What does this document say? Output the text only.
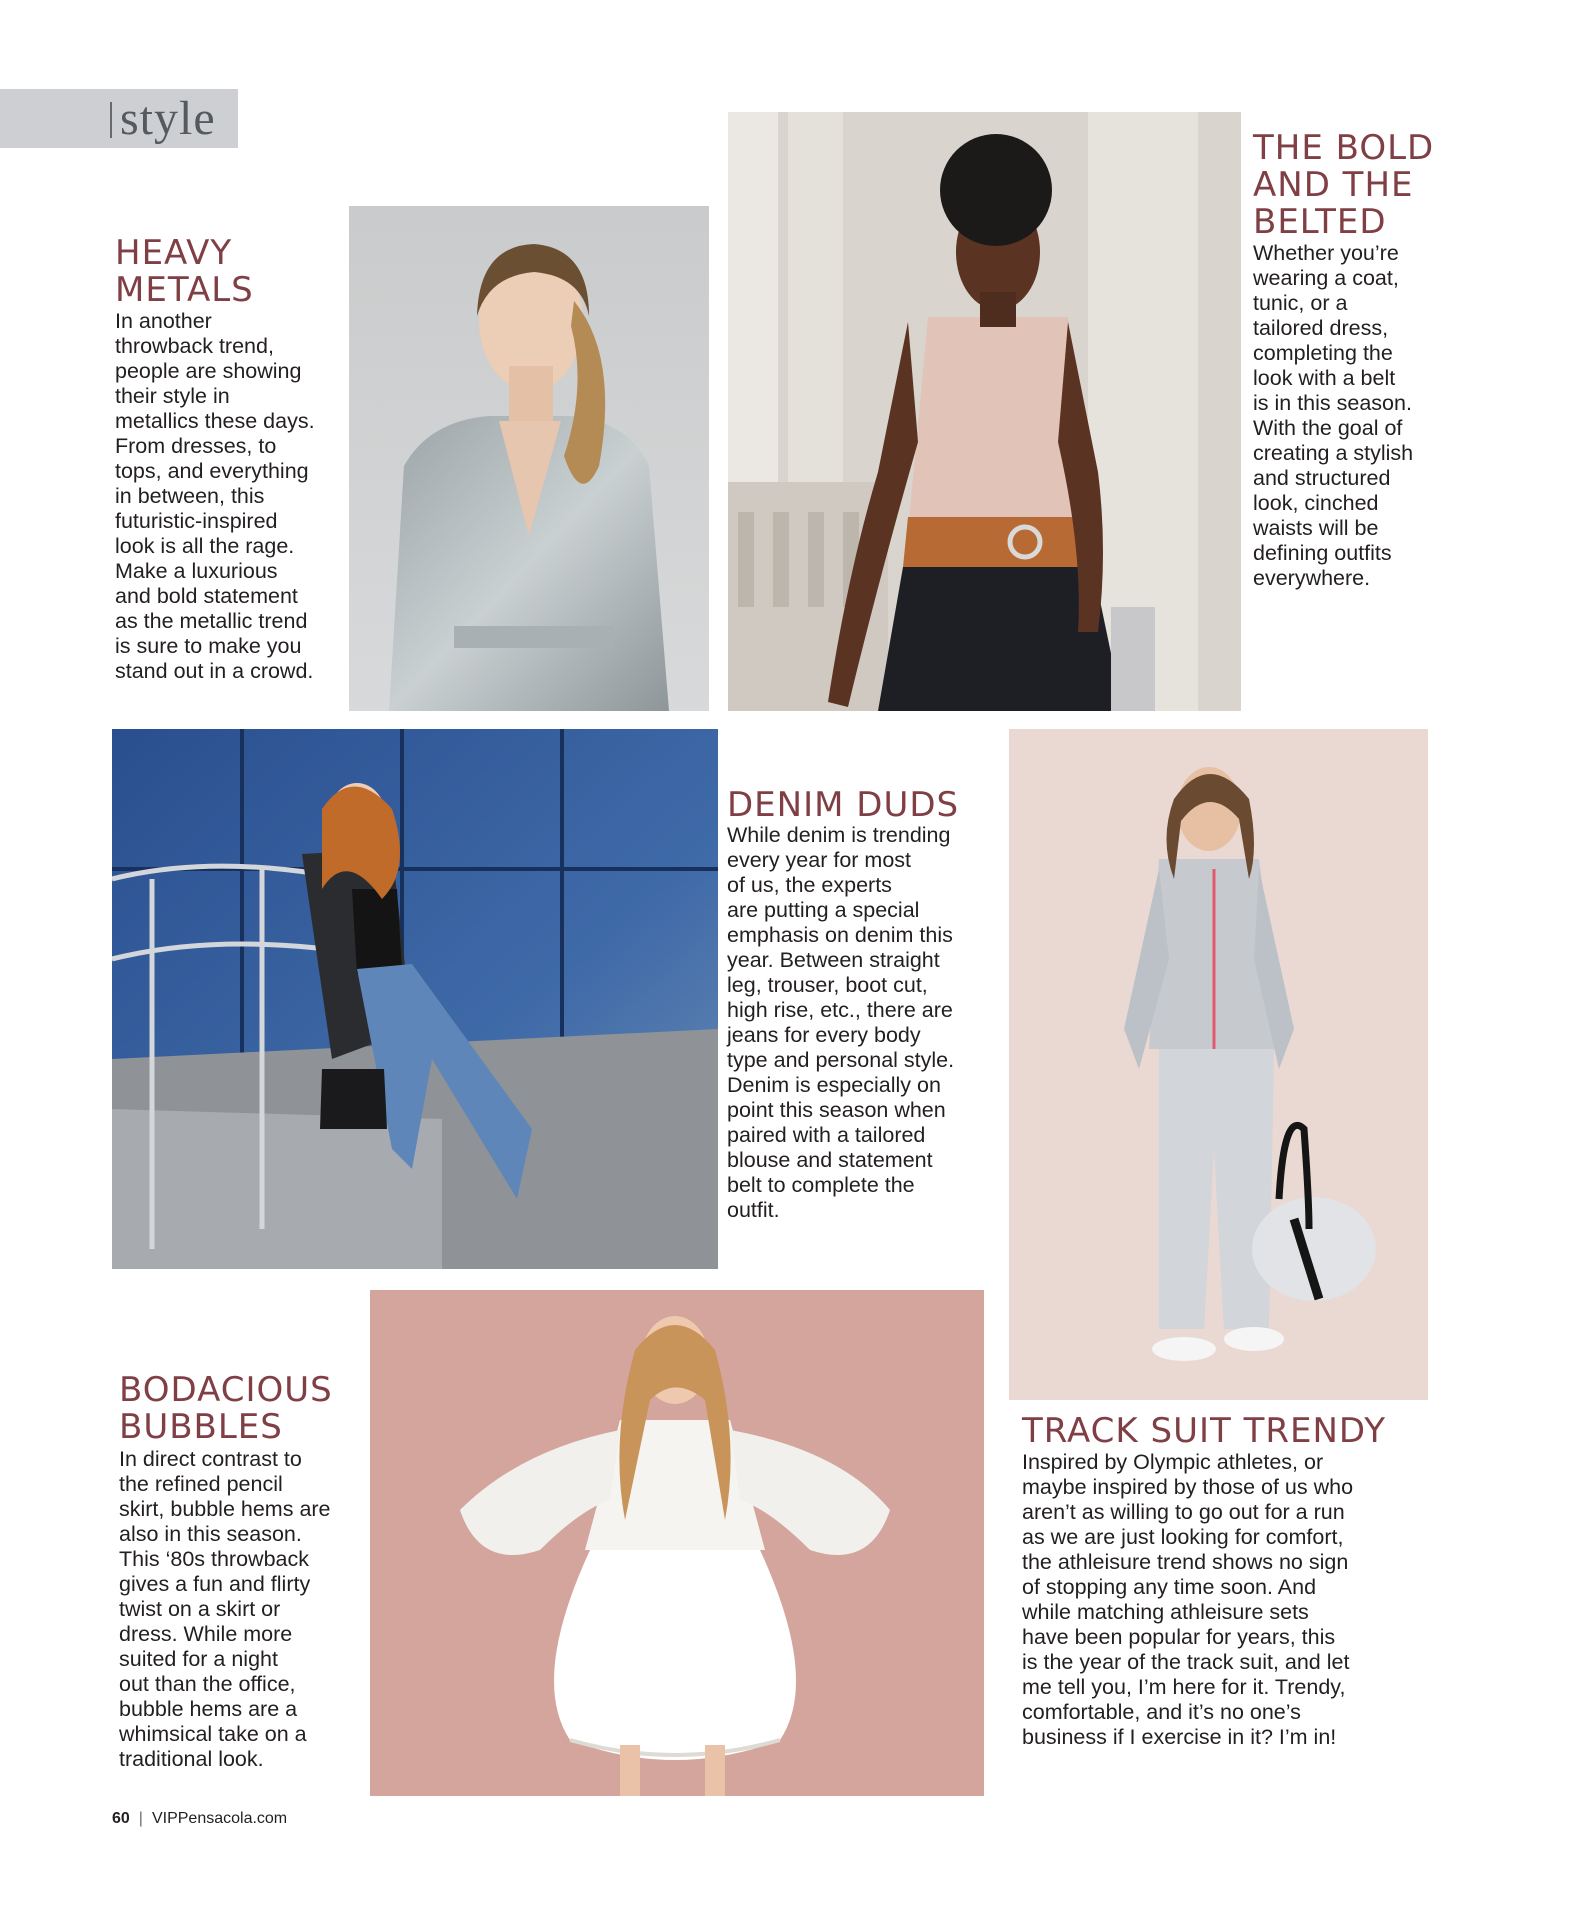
style
HEAVY
METALS

In another
throwback trend,
people are showing
their style in
metallics these days.
From dresses, to
tops, and everything
in between, this
futuristic-inspired
look is all the rage.
Make a luxurious
and bold statement
as the metallic trend
is sure to make you
stand out in a crowd.

THE BOLD
AND THE
BELTED

Whether you’re
wearing a coat,
tunic, or a
tailored dress,
completing the
look with a belt
is in this season.
With the goal of
creating a stylish
and structured
look, cinched
waists will be
defining outfits
everywhere.

DENIM DUDS

While denim is trending
every year for most
of us, the experts
are putting a special
emphasis on denim this
year. Between straight
leg, trouser, boot cut,
high rise, etc., there are
jeans for every body
type and personal style.
Denim is especially on
point this season when
paired with a tailored
blouse and statement
belt to complete the
outfit.

TRACK SUIT TRENDY

Inspired by Olympic athletes, or
maybe inspired by those of us who
aren’t as willing to go out for a run
as we are just looking for comfort,
the athleisure trend shows no sign
of stopping any time soon. And
while matching athleisure sets
have been popular for years, this
is the year of the track suit, and let
me tell you, I’m here for it. Trendy,
comfortable, and it’s no one’s
business if I exercise in it? I’m in!

BODACIOUS
BUBBLES

In direct contrast to
the refined pencil
skirt, bubble hems are
also in this season.
This ‘80s throwback
gives a fun and flirty
twist on a skirt or
dress. While more
suited for a night
out than the office,
bubble hems are a
whimsical take on a
traditional look.

60 | VIPPensacola.com
